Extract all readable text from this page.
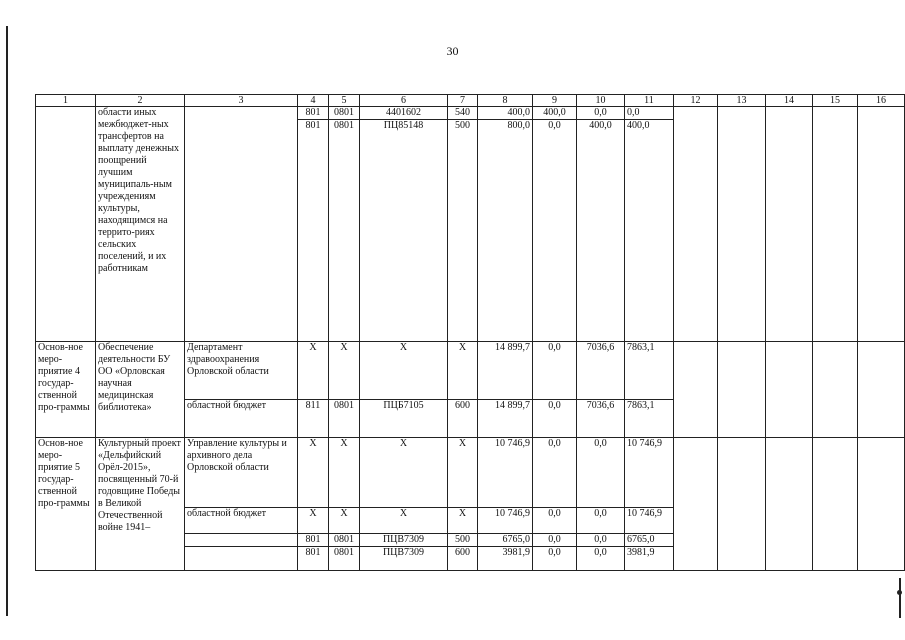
30
1	2	3	4	5	6	7	8	9	10	11	12	13	14	15	16
	области иных межбюджет-ных трансфертов на выплату денежных поощрений лучшим муниципаль-ным учреждениям культуры, находящимся на террито-риях сельских поселений, и их работникам		801	0801	4401602	540	400,0	400,0	0,0	0,0					
			801	0801	ПЦ85148	500	800,0	0,0	400,0	400,0					
Основ-ное меро-приятие 4 государ-ственной про-граммы	Обеспечение деятельности БУ ОО «Орловская научная медицинская библиотека»	Департамент здравоохранения Орловской области	X	X	X	X	14 899,7	0,0	7036,6	7863,1					
		областной бюджет	811	0801	ПЦБ7105	600	14 899,7	0,0	7036,6	7863,1					
Основ-ное меро-приятие 5 государ-ственной про-граммы	Культурный проект «Дельфийский Орёл-2015», посвященный 70-й годовщине Победы в Великой Отечественной войне 1941–	Управление культуры и архивного дела Орловской области	X	X	X	X	10 746,9	0,0	0,0	10 746,9					
		областной бюджет	X	X	X	X	10 746,9	0,0	0,0	10 746,9					
			801	0801	ПЦВ7309	500	6765,0	0,0	0,0	6765,0					
			801	0801	ПЦВ7309	600	3981,9	0,0	0,0	3981,9					
